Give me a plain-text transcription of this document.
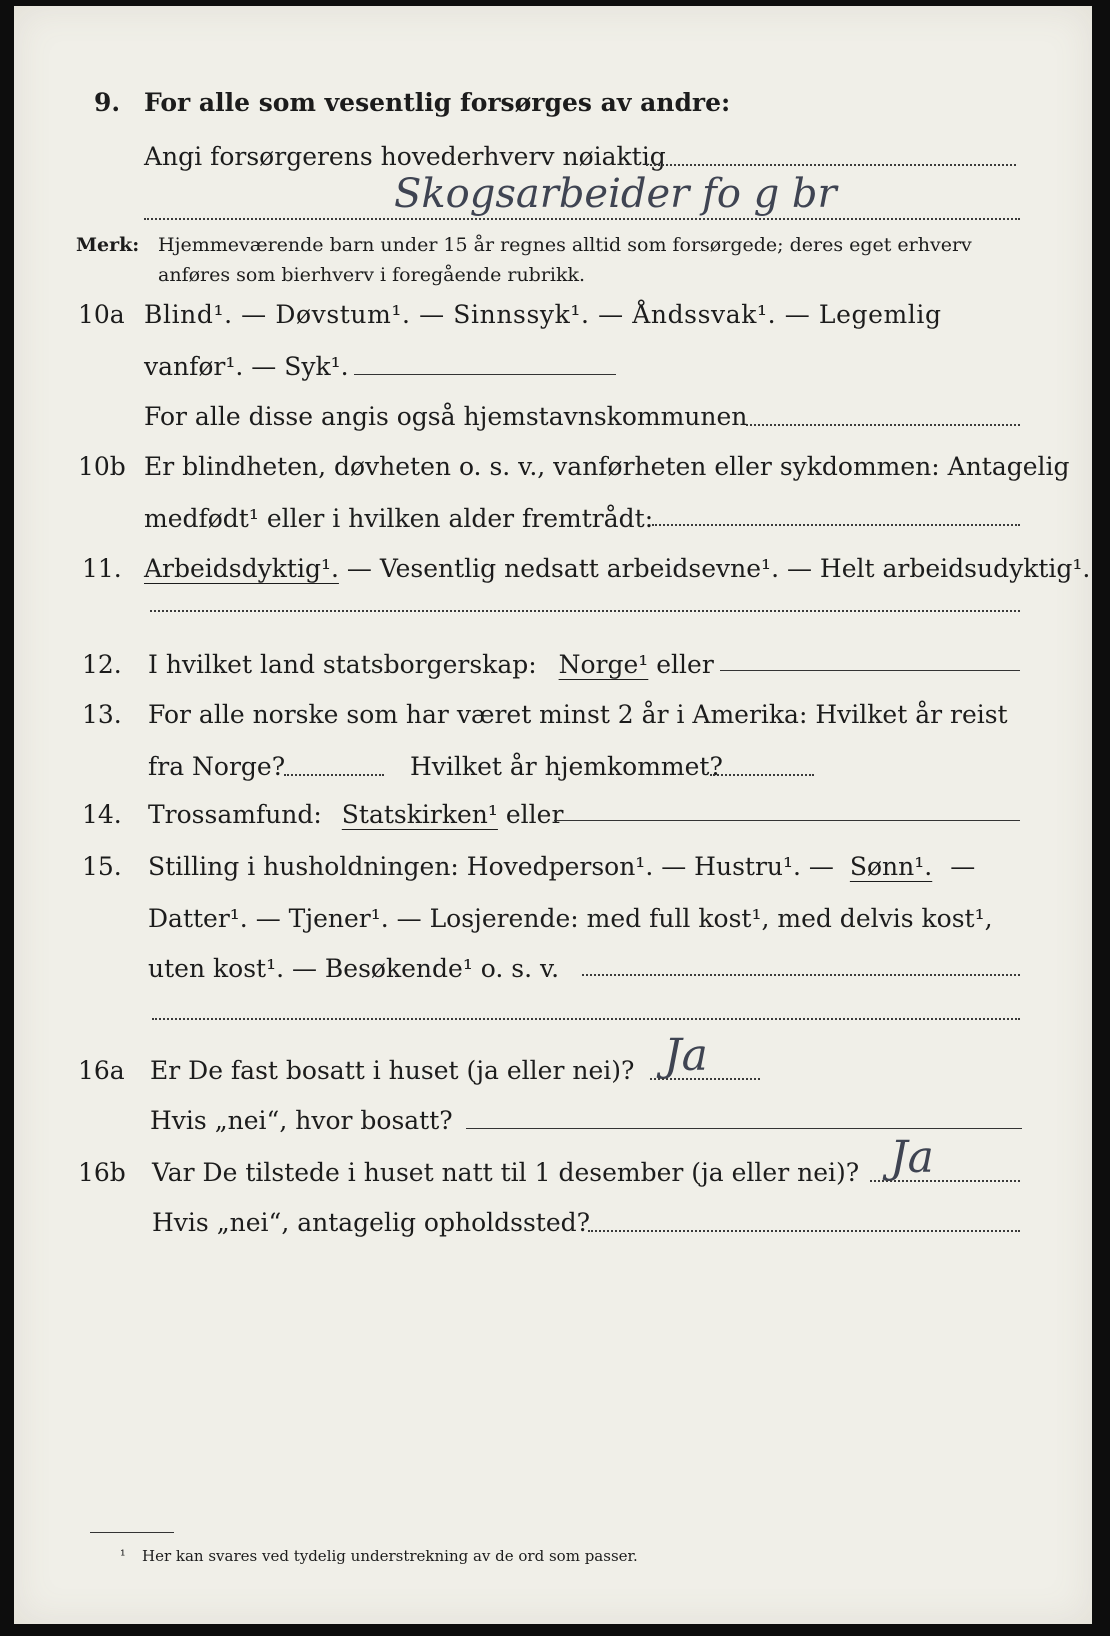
9. For alle som vesentlig forsørges av andre:
Angi forsørgerens hovederhverv nøiaktig
Skogsarbeider fo g br
Merk: Hjemmeværende barn under 15 år regnes alltid som forsørgede; deres eget erhverv
anføres som bierhverv i foregående rubrikk.
10a Blind¹. — Døvstum¹. — Sinnssyk¹. — Åndssvak¹. — Legemlig
vanfør¹. — Syk¹.
For alle disse angis også hjemstavnskommunen
10b Er blindheten, døvheten o. s. v., vanførheten eller sykdommen: Antagelig
medfødt¹ eller i hvilken alder fremtrådt:
11. Arbeidsdyktig¹. — Vesentlig nedsatt arbeidsevne¹. — Helt arbeidsudyktig¹.
12. I hvilket land statsborgerskap: Norge¹ eller
13. For alle norske som har været minst 2 år i Amerika: Hvilket år reist
fra Norge?	Hvilket år hjemkommet?
14. Trossamfund: Statskirken¹ eller
15. Stilling i husholdningen: Hovedperson¹. — Hustru¹. — Sønn¹. —
Datter¹. — Tjener¹. — Losjerende: med full kost¹, med delvis kost¹,
uten kost¹. — Besøkende¹ o. s. v.
16a Er De fast bosatt i huset (ja eller nei)? Ja
Hvis „nei“, hvor bosatt?
16b Var De tilstede i huset natt til 1 desember (ja eller nei)? Ja
Hvis „nei“, antagelig opholdssted?
¹ Her kan svares ved tydelig understrekning av de ord som passer.
